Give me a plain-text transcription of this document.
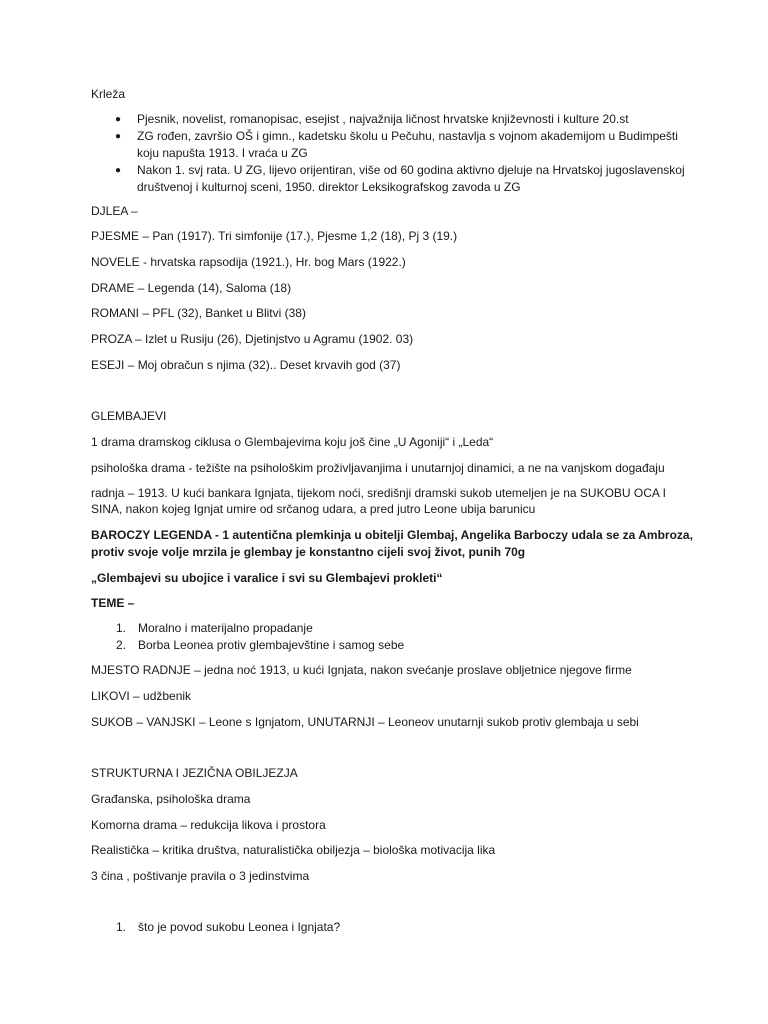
Krleža

● Pjesnik, novelist, romanopisac, esejist , najvažnija ličnost hrvatske književnosti i kulture 20.st
● ZG rođen, završio OŠ i gimn., kadetsku školu u Pečuhu, nastavlja s vojnom akademijom u Budimpešti koju napušta 1913. I vraća u ZG
● Nakon 1. svj rata. U ZG, lijevo orijentiran, više od 60 godina aktivno djeluje na Hrvatskoj jugoslavenskoj društvenoj i kulturnoj sceni, 1950. direktor Leksikografskog zavoda u ZG

DJLEA –

PJESME – Pan (1917). Tri simfonije (17.), Pjesme 1,2 (18), Pj 3 (19.)

NOVELE - hrvatska rapsodija (1921.), Hr. bog Mars (1922.)

DRAME – Legenda (14), Saloma (18)

ROMANI – PFL (32), Banket u Blitvi (38)

PROZA – Izlet u Rusiju (26), Djetinjstvo u Agramu (1902. 03)

ESEJI – Moj obračun s njima (32).. Deset krvavih god (37)

GLEMBAJEVI

1 drama dramskog ciklusa o Glembajevima koju još čine „U Agoniji“ i „Leda“

psihološka drama - težište na psihološkim proživljavanjima i unutarnjoj dinamici, a ne na vanjskom događaju

radnja – 1913. U kući bankara Ignjata, tijekom noći, središnji dramski sukob utemeljen je na SUKOBU OCA I

SINA, nakon kojeg Ignjat umire od srčanog udara, a pred jutro Leone ubija barunicu

BAROCZY LEGENDA - 1 autentična plemkinja u obitelji Glembaj, Angelika Barboczy udala se za Ambroza,

protiv svoje volje mrzila je glembay je konstantno cijeli svoj život, punih 70g

„Glembajevi su ubojice i varalice i svi su Glembajevi prokleti“

TEME –

1. Moralno i materijalno propadanje
2. Borba Leonea protiv glembajevštine i samog sebe

MJESTO RADNJE – jedna noć 1913, u kući Ignjata, nakon svećanje proslave obljetnice njegove firme

LIKOVI – udžbenik

SUKOB – VANJSKI – Leone s Ignjatom, UNUTARNJI – Leoneov unutarnji sukob protiv glembaja u sebi

STRUKTURNA I JEZIČNA OBILJEZJA

Građanska, psihološka drama

Komorna drama – redukcija likova i prostora

Realistička – kritika društva, naturalistička obiljezja – biološka motivacija lika

3 čina , poštivanje pravila o 3 jedinstvima

1. što je povod sukobu Leonea i Ignjata?
